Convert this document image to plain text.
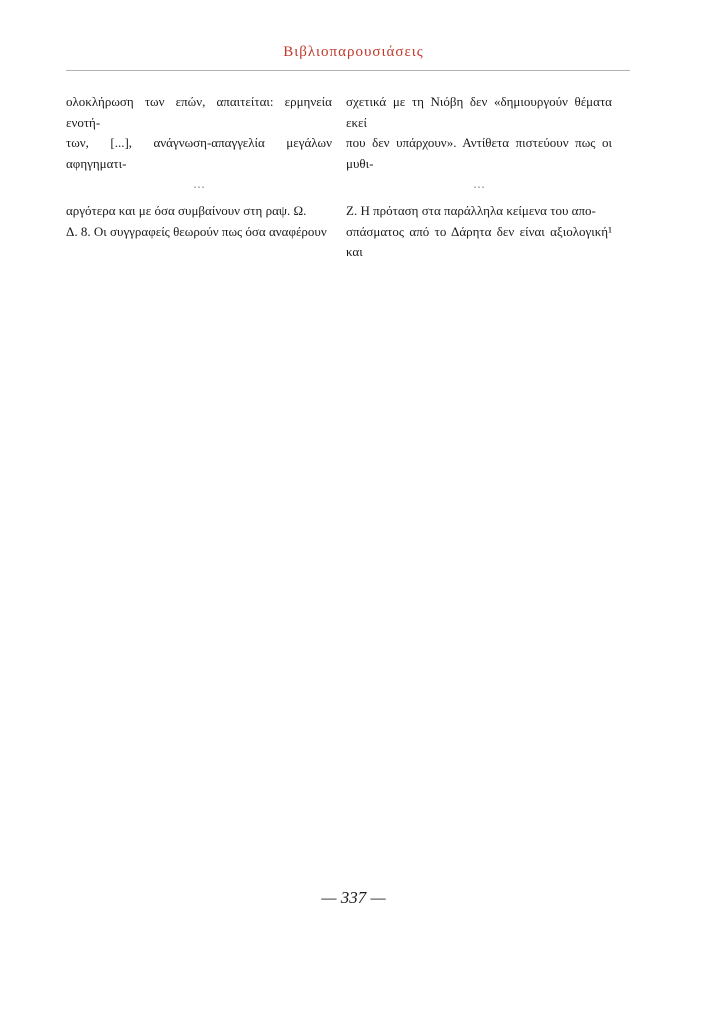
Βιβλιοπαρουσιάσεις

ολοκλήρωση των επών, απαιτείται: ερμηνεία ενοτή-

των, [...], ανάγνωση-απαγγελία μεγάλων αφηγηματι-

⋯

αργότερα και με όσα συμβαίνουν στη ραψ. Ω.

Δ. 8. Οι συγγραφείς θεωρούν πως όσα αναφέρουν

σχετικά με τη Νιόβη δεν «δημιουργούν θέματα εκεί

που δεν υπάρχουν». Αντίθετα πιστεύουν πως οι μυθι-

⋯

Ζ. Η πρόταση στα παράλληλα κείμενα του απο-

σπάσματος από το Δάρητα δεν είναι αξιολογική¹ και

— 337 —
